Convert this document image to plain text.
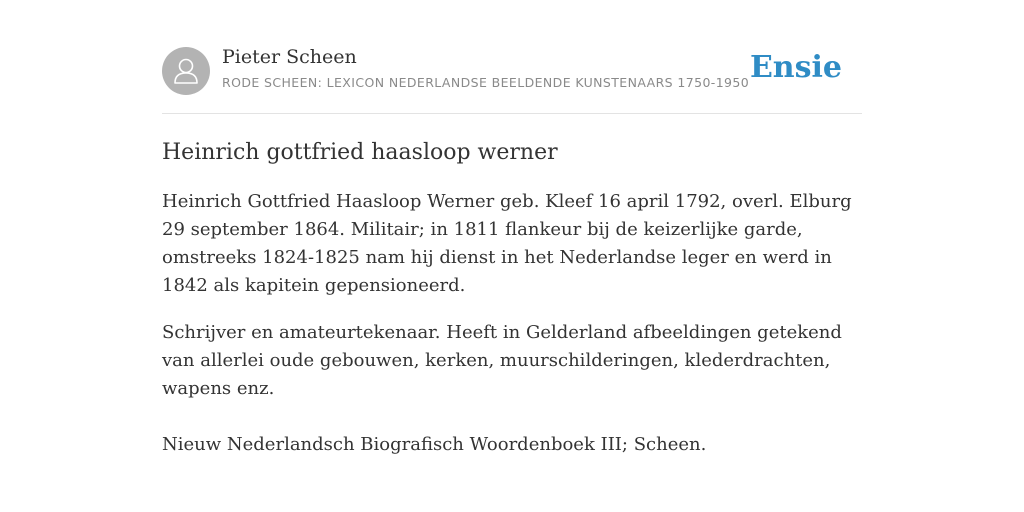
Pieter Scheen
RODE SCHEEN: LEXICON NEDERLANDSE BEELDENDE KUNSTENAARS 1750-1950 Ensie
Heinrich gottfried haasloop werner

Heinrich Gottfried Haasloop Werner geb. Kleef 16 april 1792, overl. Elburg 29 september 1864. Militair; in 1811 flankeur bij de keizerlijke garde, omstreeks 1824-1825 nam hij dienst in het Nederlandse leger en werd in 1842 als kapitein gepensioneerd.

Schrijver en amateurtekenaar. Heeft in Gelderland afbeeldingen getekend van allerlei oude gebouwen, kerken, muurschilderingen, klederdrachten, wapens enz.

Nieuw Nederlandsch Biografisch Woordenboek III; Scheen.
